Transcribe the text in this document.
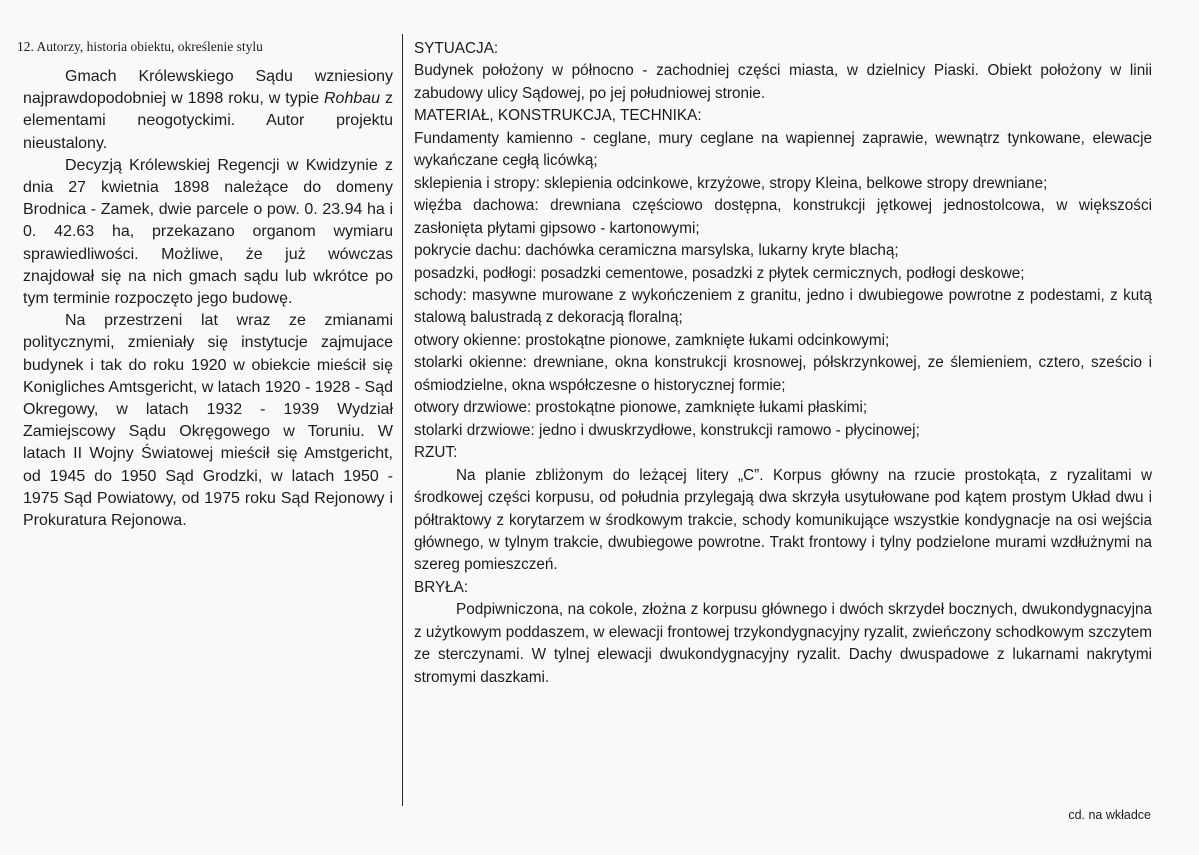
12. Autorzy, historia obiektu, określenie stylu

Gmach Królewskiego Sądu wzniesiony najprawdopodobniej w 1898 roku, w typie Rohbau z elementami neogotyckimi. Autor projektu nieustalony.

Decyzją Królewskiej Regencji w Kwidzynie z dnia 27 kwietnia 1898 należące do domeny Brodnica - Zamek, dwie parcele o pow. 0. 23.94 ha i 0. 42.63 ha, przekazano organom wymiaru sprawiedliwości. Możliwe, że już wówczas znajdował się na nich gmach sądu lub wkrótce po tym terminie rozpoczęto jego budowę.

Na przestrzeni lat wraz ze zmianami politycznymi, zmieniały się instytucje zajmujace budynek i tak do roku 1920 w obiekcie mieścił się Konigliches Amtsgericht, w latach 1920 - 1928 - Sąd Okregowy, w latach 1932 - 1939 Wydział Zamiejscowy Sądu Okręgowego w Toruniu. W latach II Wojny Światowej mieścił się Amstgericht, od 1945 do 1950 Sąd Grodzki, w latach 1950 - 1975 Sąd Powiatowy, od 1975 roku Sąd Rejonowy i Prokuratura Rejonowa.

SYTUACJA:
Budynek położony w północno - zachodniej części miasta, w dzielnicy Piaski. Obiekt położony w linii zabudowy ulicy Sądowej, po jej południowej stronie.
MATERIAŁ, KONSTRUKCJA, TECHNIKA:
Fundamenty kamienno - ceglane, mury ceglane na wapiennej zaprawie, wewnątrz tynkowane, elewacje wykańczane cegłą licówką;
sklepienia i stropy: sklepienia odcinkowe, krzyżowe, stropy Kleina, belkowe stropy drewniane;
więźba dachowa: drewniana częściowo dostępna, konstrukcji jętkowej jednostolcowa, w większości zasłonięta płytami gipsowo - kartonowymi;
pokrycie dachu: dachówka ceramiczna marsylska, lukarny kryte blachą;
posadzki, podłogi: posadzki cementowe, posadzki z płytek cermicznych, podłogi deskowe;
schody: masywne murowane z wykończeniem z granitu, jedno i dwubiegowe powrotne z podestami, z kutą stalową balustradą z dekoracją floralną;
otwory okienne: prostokątne pionowe, zamknięte łukami odcinkowymi;
stolarki okienne: drewniane, okna konstrukcji krosnowej, półskrzynkowej, ze ślemieniem, cztero, sześcio i ośmiodzielne, okna współczesne o historycznej formie;
otwory drzwiowe: prostokątne pionowe, zamknięte łukami płaskimi;
stolarki drzwiowe: jedno i dwuskrzydłowe, konstrukcji ramowo - płycinowej;
RZUT:
Na planie zbliżonym do leżącej litery „C”. Korpus główny na rzucie prostokąta, z ryzalitami w środkowej części korpusu, od południa przylegają dwa skrzyła usytułowane pod kątem prostym Układ dwu i półtraktowy z korytarzem w środkowym trakcie, schody komunikujące wszystkie kondygnacje na osi wejścia głównego, w tylnym trakcie, dwubiegowe powrotne. Trakt frontowy i tylny podzielone murami wzdłużnymi na szereg pomieszczeń.
BRYŁA:
Podpiwniczona, na cokole, złożna z korpusu głównego i dwóch skrzydeł bocznych, dwukondygnacyjna z użytkowym poddaszem, w elewacji frontowej trzykondygnacyjny ryzalit, zwieńczony schodkowym szczytem ze sterczynami. W tylnej elewacji dwukondygnacyjny ryzalit. Dachy dwuspadowe z lukarnami nakrytymi stromymi daszkami.
cd. na wkładce
